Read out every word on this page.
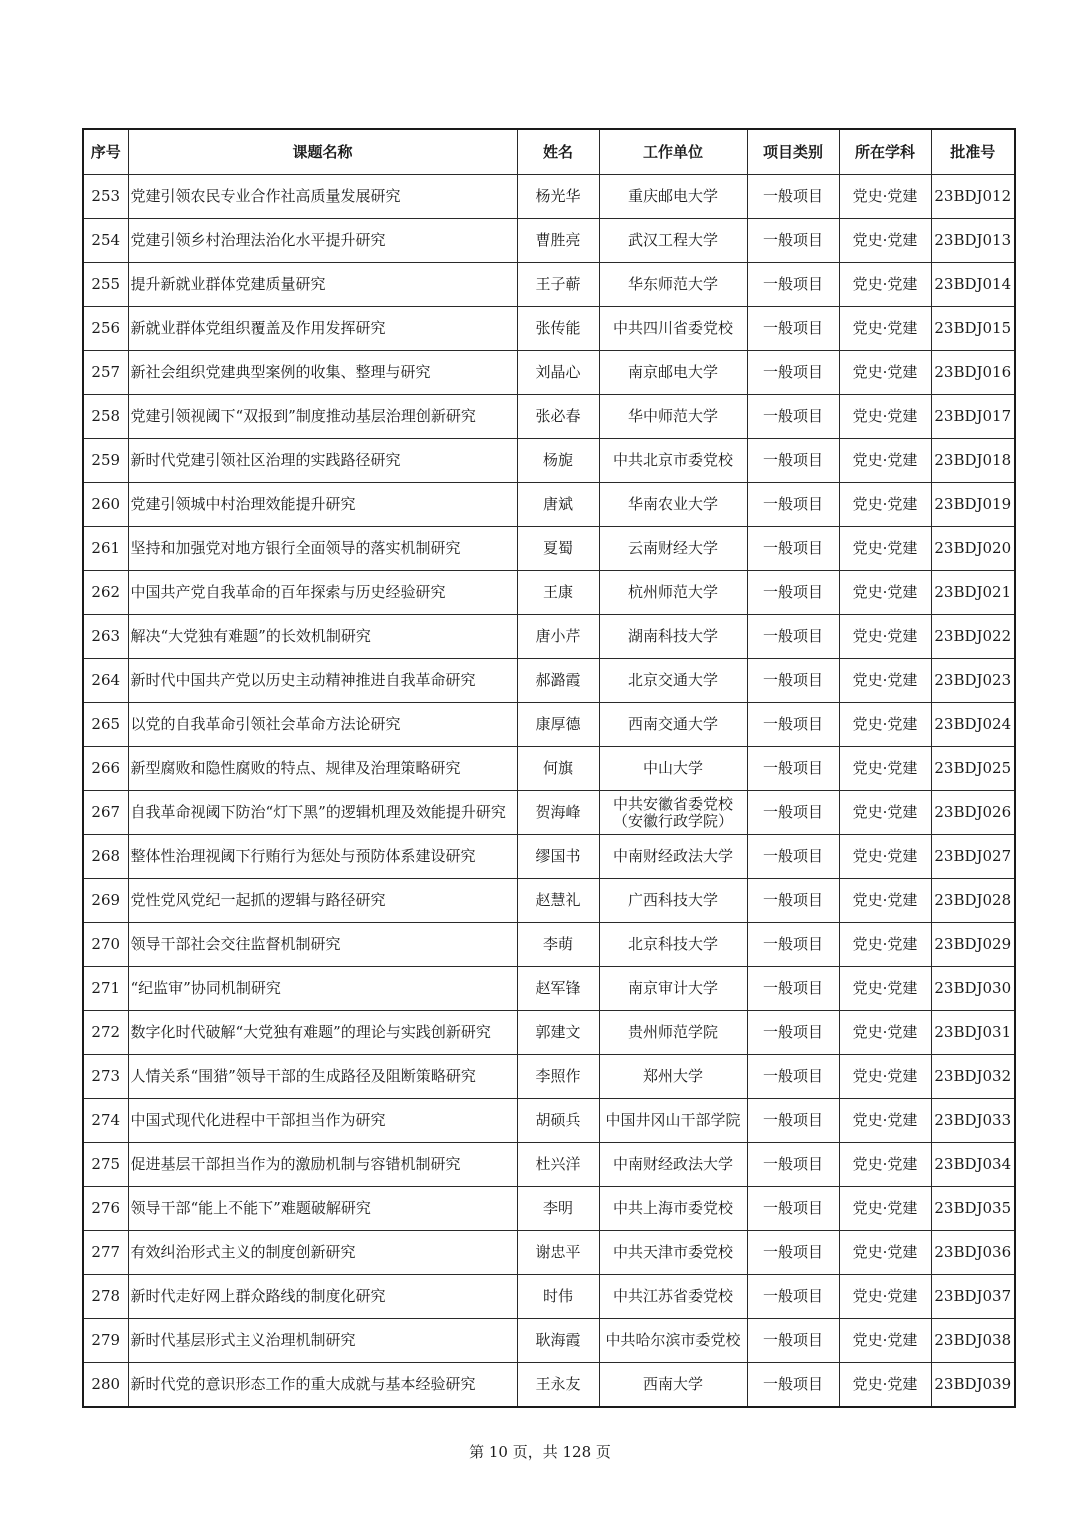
序号	课题名称	姓名	工作单位	项目类别	所在学科	批准号
253	党建引领农民专业合作社高质量发展研究	杨光华	重庆邮电大学	一般项目	党史·党建	23BDJ012
254	党建引领乡村治理法治化水平提升研究	曹胜亮	武汉工程大学	一般项目	党史·党建	23BDJ013
255	提升新就业群体党建质量研究	王子蕲	华东师范大学	一般项目	党史·党建	23BDJ014
256	新就业群体党组织覆盖及作用发挥研究	张传能	中共四川省委党校	一般项目	党史·党建	23BDJ015
257	新社会组织党建典型案例的收集、整理与研究	刘晶心	南京邮电大学	一般项目	党史·党建	23BDJ016
258	党建引领视阈下“双报到”制度推动基层治理创新研究	张必春	华中师范大学	一般项目	党史·党建	23BDJ017
259	新时代党建引领社区治理的实践路径研究	杨旎	中共北京市委党校	一般项目	党史·党建	23BDJ018
260	党建引领城中村治理效能提升研究	唐斌	华南农业大学	一般项目	党史·党建	23BDJ019
261	坚持和加强党对地方银行全面领导的落实机制研究	夏蜀	云南财经大学	一般项目	党史·党建	23BDJ020
262	中国共产党自我革命的百年探索与历史经验研究	王康	杭州师范大学	一般项目	党史·党建	23BDJ021
263	解决“大党独有难题”的长效机制研究	唐小芹	湖南科技大学	一般项目	党史·党建	23BDJ022
264	新时代中国共产党以历史主动精神推进自我革命研究	郝潞霞	北京交通大学	一般项目	党史·党建	23BDJ023
265	以党的自我革命引领社会革命方法论研究	康厚德	西南交通大学	一般项目	党史·党建	23BDJ024
266	新型腐败和隐性腐败的特点、规律及治理策略研究	何旗	中山大学	一般项目	党史·党建	23BDJ025
267	自我革命视阈下防治“灯下黑”的逻辑机理及效能提升研究	贺海峰	中共安徽省委党校（安徽行政学院）	一般项目	党史·党建	23BDJ026
268	整体性治理视阈下行贿行为惩处与预防体系建设研究	缪国书	中南财经政法大学	一般项目	党史·党建	23BDJ027
269	党性党风党纪一起抓的逻辑与路径研究	赵慧礼	广西科技大学	一般项目	党史·党建	23BDJ028
270	领导干部社会交往监督机制研究	李萌	北京科技大学	一般项目	党史·党建	23BDJ029
271	“纪监审”协同机制研究	赵军锋	南京审计大学	一般项目	党史·党建	23BDJ030
272	数字化时代破解“大党独有难题”的理论与实践创新研究	郭建文	贵州师范学院	一般项目	党史·党建	23BDJ031
273	人情关系“围猎”领导干部的生成路径及阻断策略研究	李照作	郑州大学	一般项目	党史·党建	23BDJ032
274	中国式现代化进程中干部担当作为研究	胡硕兵	中国井冈山干部学院	一般项目	党史·党建	23BDJ033
275	促进基层干部担当作为的激励机制与容错机制研究	杜兴洋	中南财经政法大学	一般项目	党史·党建	23BDJ034
276	领导干部“能上不能下”难题破解研究	李明	中共上海市委党校	一般项目	党史·党建	23BDJ035
277	有效纠治形式主义的制度创新研究	谢忠平	中共天津市委党校	一般项目	党史·党建	23BDJ036
278	新时代走好网上群众路线的制度化研究	时伟	中共江苏省委党校	一般项目	党史·党建	23BDJ037
279	新时代基层形式主义治理机制研究	耿海霞	中共哈尔滨市委党校	一般项目	党史·党建	23BDJ038
280	新时代党的意识形态工作的重大成就与基本经验研究	王永友	西南大学	一般项目	党史·党建	23BDJ039
第 10 页，共 128 页
